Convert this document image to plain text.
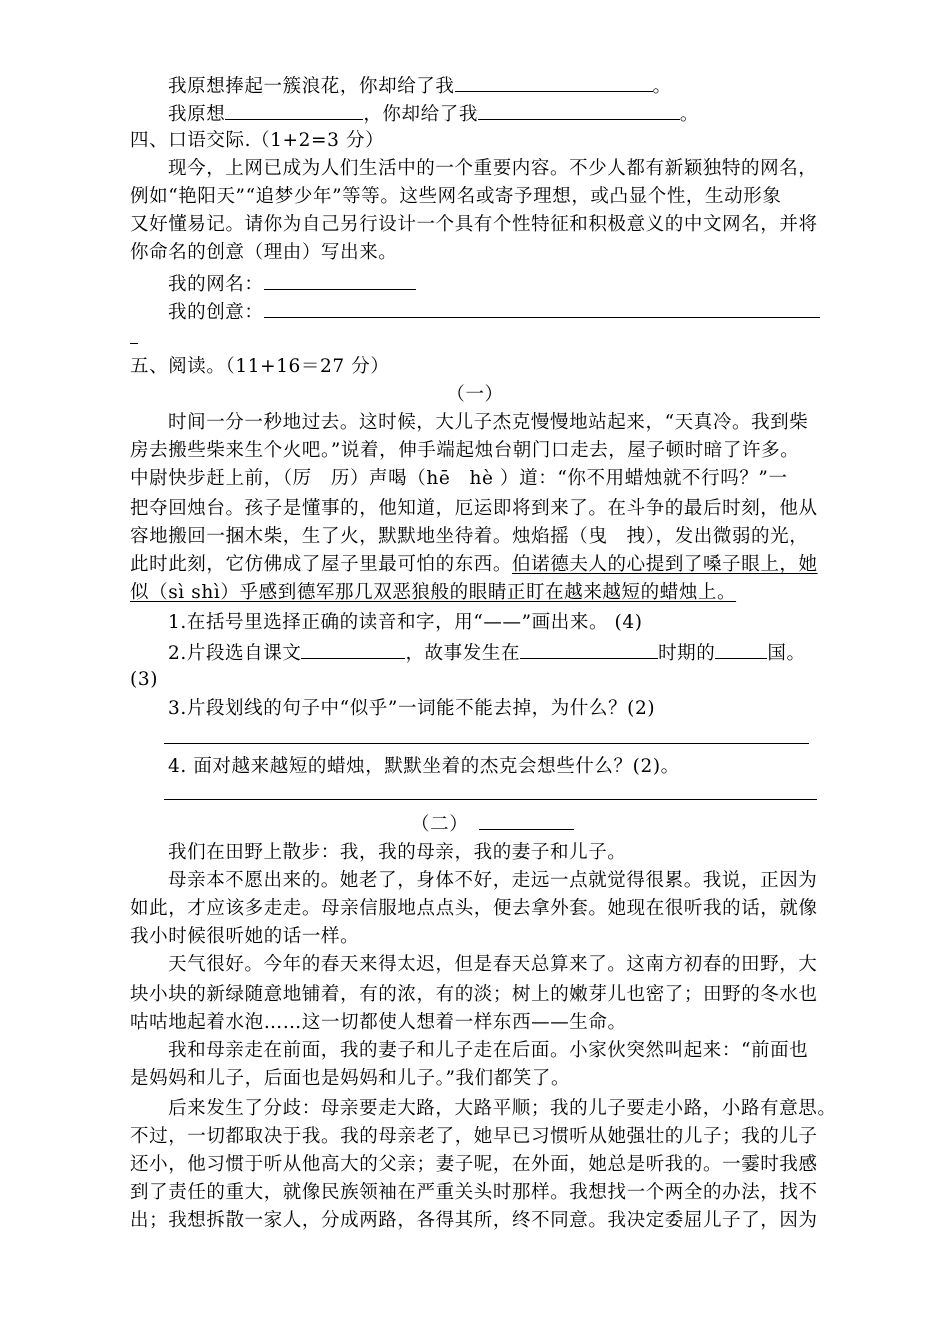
我原想捧起一簇浪花，你却给了我	。
我原想	，你却给了我	。
四、口语交际.（1+2=3 分）
现今，上网已成为人们生活中的一个重要内容。不少人都有新颖独特的网名，
例如“艳阳天”“追梦少年”等等。这些网名或寄予理想，或凸显个性，生动形象
又好懂易记。请你为自己另行设计一个具有个性特征和积极意义的中文网名，并将
你命名的创意（理由）写出来。
我的网名：
我的创意：
五、阅读。（11+16＝27 分）
（一）
时间一分一秒地过去。这时候，大儿子杰克慢慢地站起来，“天真冷。我到柴
房去搬些柴来生个火吧。”说着，伸手端起烛台朝门口走去，屋子顿时暗了许多。
中尉快步赶上前，（厉　历）声喝（hē　hè ）道：“你不用蜡烛就不行吗？”一
把夺回烛台。孩子是懂事的，他知道，厄运即将到来了。在斗争的最后时刻，他从
容地搬回一捆木柴，生了火，默默地坐待着。烛焰摇（曳　拽），发出微弱的光，
此时此刻，它仿佛成了屋子里最可怕的东西。伯诺德夫人的心提到了嗓子眼上，她
似（sì shì）乎感到德军那几双恶狼般的眼睛正盯在越来越短的蜡烛上。
1.在括号里选择正确的读音和字，用“——”画出来。 (4)
2.片段选自课文	，故事发生在	时期的	国。
(3)
3.片段划线的句子中“似乎”一词能不能去掉，为什么？(2)
4. 面对越来越短的蜡烛，默默坐着的杰克会想些什么？(2)。
（二）
我们在田野上散步：我，我的母亲，我的妻子和儿子。
母亲本不愿出来的。她老了，身体不好，走远一点就觉得很累。我说，正因为
如此，才应该多走走。母亲信服地点点头，便去拿外套。她现在很听我的话，就像
我小时候很听她的话一样。
天气很好。今年的春天来得太迟，但是春天总算来了。这南方初春的田野，大
块小块的新绿随意地铺着，有的浓，有的淡；树上的嫩芽儿也密了；田野的冬水也
咕咕地起着水泡……这一切都使人想着一样东西——生命。
我和母亲走在前面，我的妻子和儿子走在后面。小家伙突然叫起来：“前面也
是妈妈和儿子，后面也是妈妈和儿子。”我们都笑了。
后来发生了分歧：母亲要走大路，大路平顺；我的儿子要走小路，小路有意思。
不过，一切都取决于我。我的母亲老了，她早已习惯听从她强壮的儿子；我的儿子
还小，他习惯于听从他高大的父亲；妻子呢，在外面，她总是听我的。一霎时我感
到了责任的重大，就像民族领袖在严重关头时那样。我想找一个两全的办法，找不
出；我想拆散一家人，分成两路，各得其所，终不同意。我决定委屈儿子了，因为
